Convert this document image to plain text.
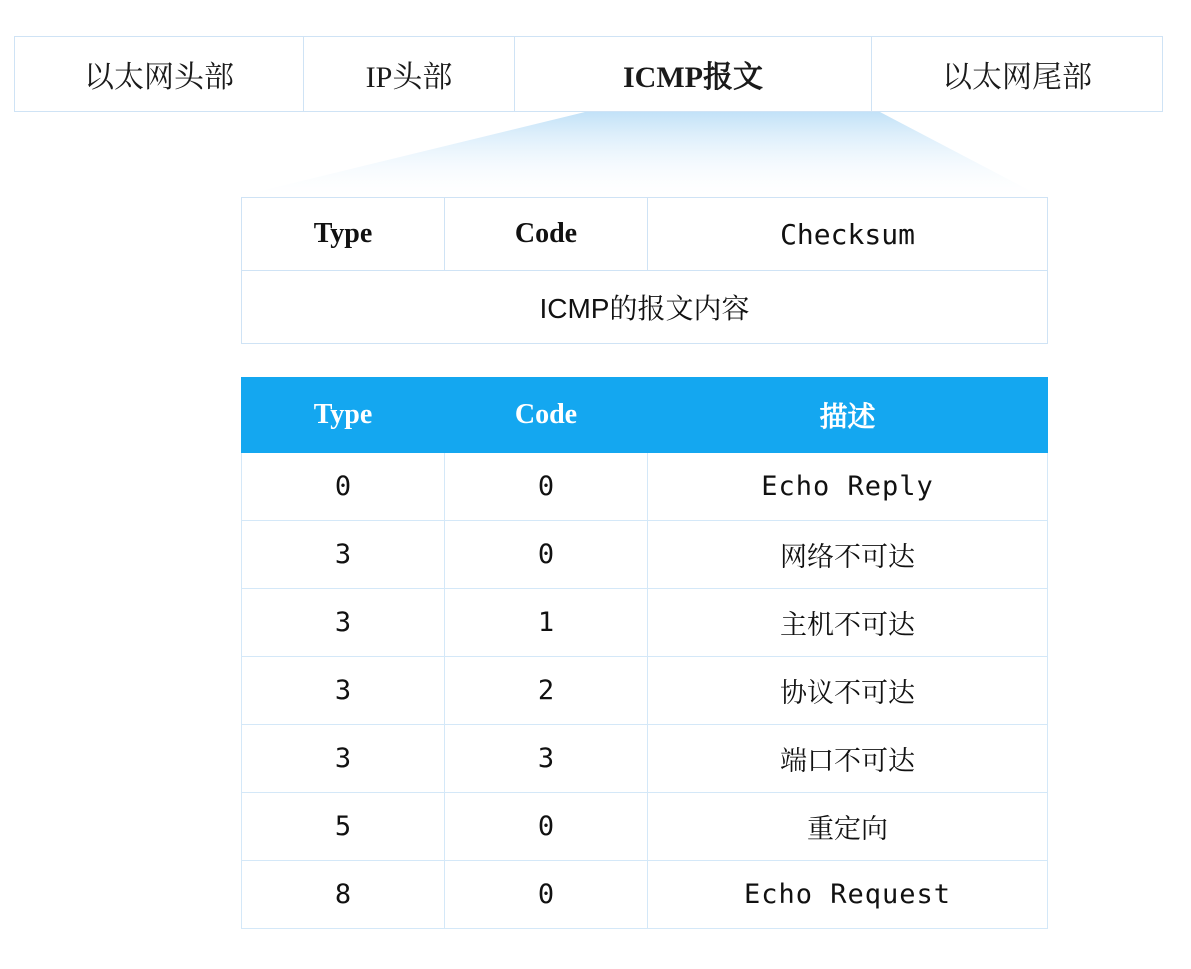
以太网头部	IP头部	ICMP报文	以太网尾部
Type	Code	Checksum
ICMP的报文内容
Type	Code	描述
0	0	Echo Reply
3	0	网络不可达
3	1	主机不可达
3	2	协议不可达
3	3	端口不可达
5	0	重定向
8	0	Echo Request
